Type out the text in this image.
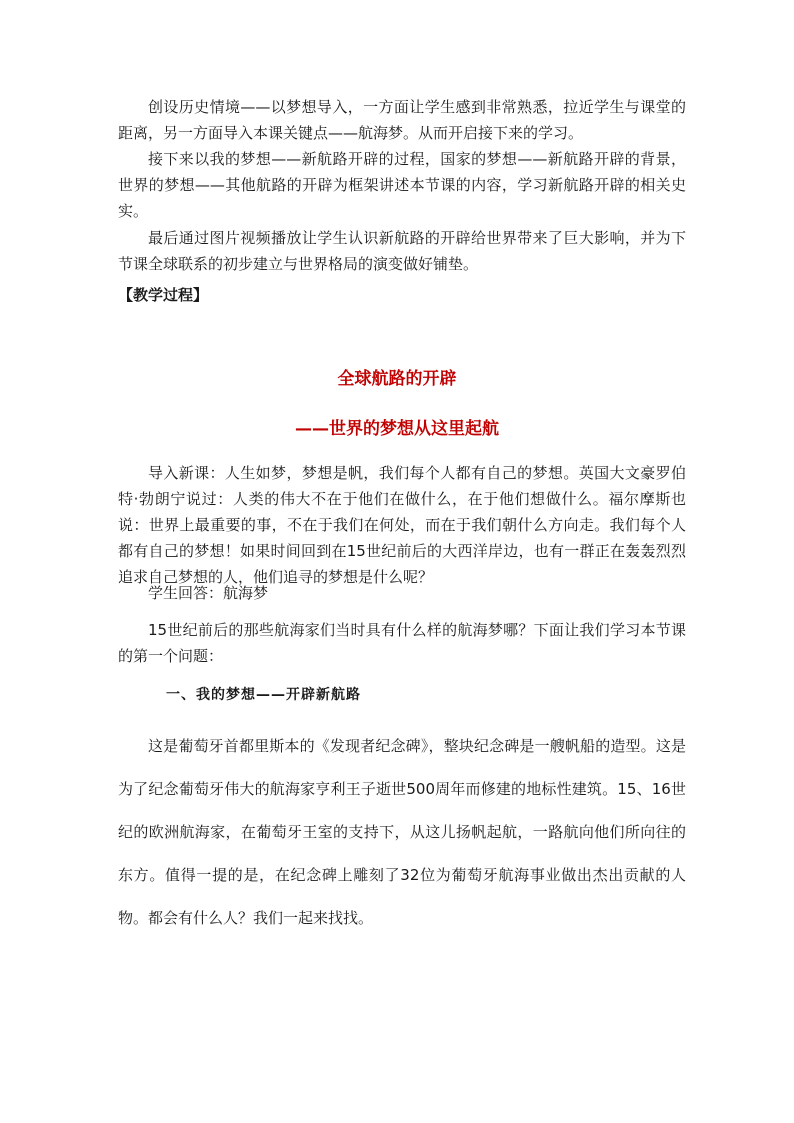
创设历史情境——以梦想导入，一方面让学生感到非常熟悉，拉近学生与课堂的距离，另一方面导入本课关键点——航海梦。从而开启接下来的学习。

接下来以我的梦想——新航路开辟的过程，国家的梦想——新航路开辟的背景，世界的梦想——其他航路的开辟为框架讲述本节课的内容，学习新航路开辟的相关史实。

最后通过图片视频播放让学生认识新航路的开辟给世界带来了巨大影响，并为下节课全球联系的初步建立与世界格局的演变做好铺垫。

【教学过程】

全球航路的开辟

——世界的梦想从这里起航

导入新课：人生如梦，梦想是帆，我们每个人都有自己的梦想。英国大文豪罗伯特·勃朗宁说过：人类的伟大不在于他们在做什么，在于他们想做什么。福尔摩斯也说：世界上最重要的事，不在于我们在何处，而在于我们朝什么方向走。我们每个人都有自己的梦想！如果时间回到在15世纪前后的大西洋岸边，也有一群正在轰轰烈烈追求自己梦想的人，他们追寻的梦想是什么呢？

学生回答：航海梦

15世纪前后的那些航海家们当时具有什么样的航海梦哪？下面让我们学习本节课的第一个问题：

一、我的梦想——开辟新航路

这是葡萄牙首都里斯本的《发现者纪念碑》，整块纪念碑是一艘帆船的造型。这是为了纪念葡萄牙伟大的航海家亨利王子逝世500周年而修建的地标性建筑。15、16世纪的欧洲航海家，在葡萄牙王室的支持下，从这儿扬帆起航，一路航向他们所向往的东方。值得一提的是，在纪念碑上雕刻了32位为葡萄牙航海事业做出杰出贡献的人物。都会有什么人？我们一起来找找。
